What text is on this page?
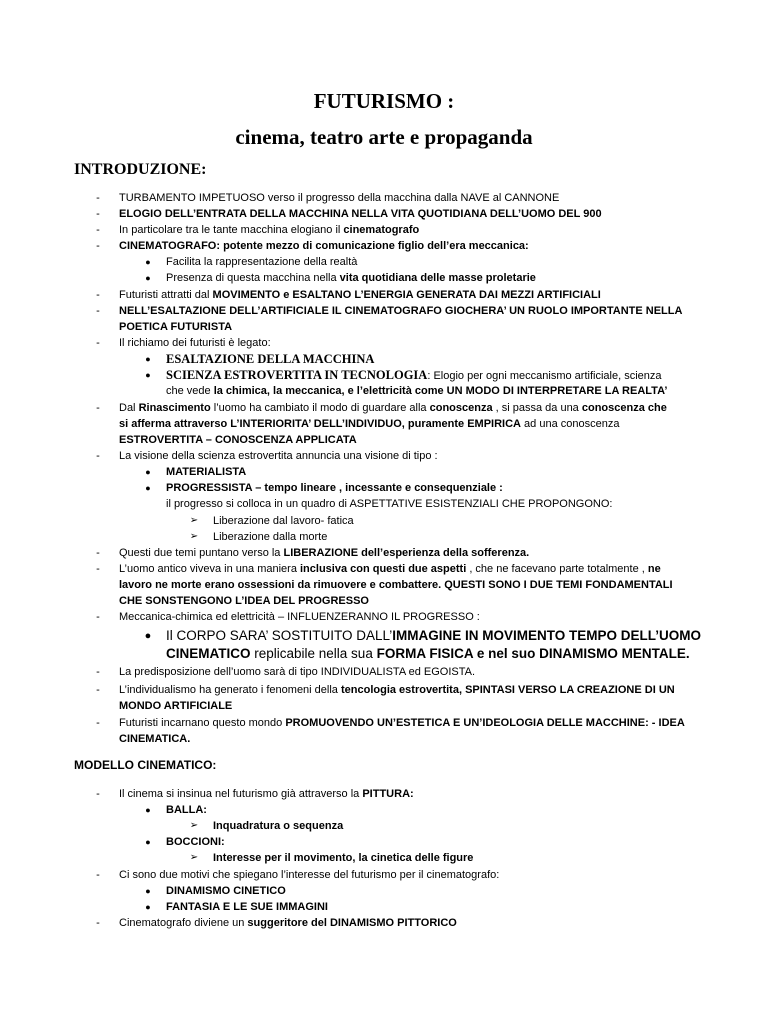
FUTURISMO :
cinema, teatro arte e propaganda
INTRODUZIONE:
-	TURBAMENTO IMPETUOSO verso il progresso della macchina dalla NAVE al CANNONE
-	ELOGIO DELL’ENTRATA DELLA MACCHINA NELLA VITA QUOTIDIANA DELL’UOMO DEL 900
-	In particolare tra le tante macchina elogiano il cinematografo
-	CINEMATOGRAFO: potente mezzo di comunicazione figlio dell’era meccanica:
●	Facilita la rappresentazione della realtà
●	Presenza di questa macchina nella vita quotidiana delle masse proletarie
-	Futuristi attratti dal MOVIMENTO e ESALTANO L’ENERGIA GENERATA DAI MEZZI ARTIFICIALI
-	NELL’ESALTAZIONE DELL’ARTIFICIALE IL CINEMATOGRAFO GIOCHERA’ UN RUOLO IMPORTANTE NELLA
POETICA FUTURISTA
-	Il richiamo dei futuristi è legato:
●	ESALTAZIONE DELLA MACCHINA
●	SCIENZA ESTROVERTITA IN TECNOLOGIA: Elogio per ogni meccanismo artificiale, scienza
che vede la chimica, la meccanica, e l’elettricità come UN MODO DI INTERPRETARE LA REALTA’
-	Dal Rinascimento l’uomo ha cambiato il modo di guardare alla conoscenza , si passa da una conoscenza che
si afferma attraverso L’INTERIORITA’ DELL’INDIVIDUO, puramente EMPIRICA ad una conoscenza
ESTROVERTITA – CONOSCENZA APPLICATA
-	La visione della scienza estrovertita annuncia una visione di tipo :
●	MATERIALISTA
●	PROGRESSISTA – tempo lineare , incessante e consequenziale :
il progresso si colloca in un quadro di ASPETTATIVE ESISTENZIALI CHE PROPONGONO:
➢	Liberazione dal lavoro- fatica
➢	Liberazione dalla morte
-	Questi due temi puntano verso la LIBERAZIONE dell’esperienza della sofferenza.
-	L’uomo antico viveva in una maniera inclusiva con questi due aspetti , che ne facevano parte totalmente , ne
lavoro ne morte erano ossessioni da rimuovere e combattere. QUESTI SONO I DUE TEMI FONDAMENTALI
CHE SONSTENGONO L’IDEA DEL PROGRESSO
-	Meccanica-chimica ed elettricità – INFLUENZERANNO IL PROGRESSO :
●	Il CORPO SARA’ SOSTITUITO DALL’IMMAGINE IN MOVIMENTO TEMPO DELL’UOMO
CINEMATICO replicabile nella sua FORMA FISICA e nel suo DINAMISMO MENTALE.
-	La predisposizione dell’uomo sarà di tipo INDIVIDUALISTA ed EGOISTA.
-	L’individualismo ha generato i fenomeni della tencologia estrovertita, SPINTASI VERSO LA CREAZIONE DI UN
MONDO ARTIFICIALE
-	Futuristi incarnano questo mondo PROMUOVENDO UN’ESTETICA E UN’IDEOLOGIA DELLE MACCHINE: - IDEA
CINEMATICA.
MODELLO CINEMATICO:
-	Il cinema si insinua nel futurismo già attraverso la PITTURA:
●	BALLA:
➢	Inquadratura o sequenza
●	BOCCIONI:
➢	Interesse per il movimento, la cinetica delle figure
-	Ci sono due motivi che spiegano l’interesse del futurismo per il cinematografo:
●	DINAMISMO CINETICO
●	FANTASIA E LE SUE IMMAGINI
-	Cinematografo diviene un suggeritore del DINAMISMO PITTORICO
